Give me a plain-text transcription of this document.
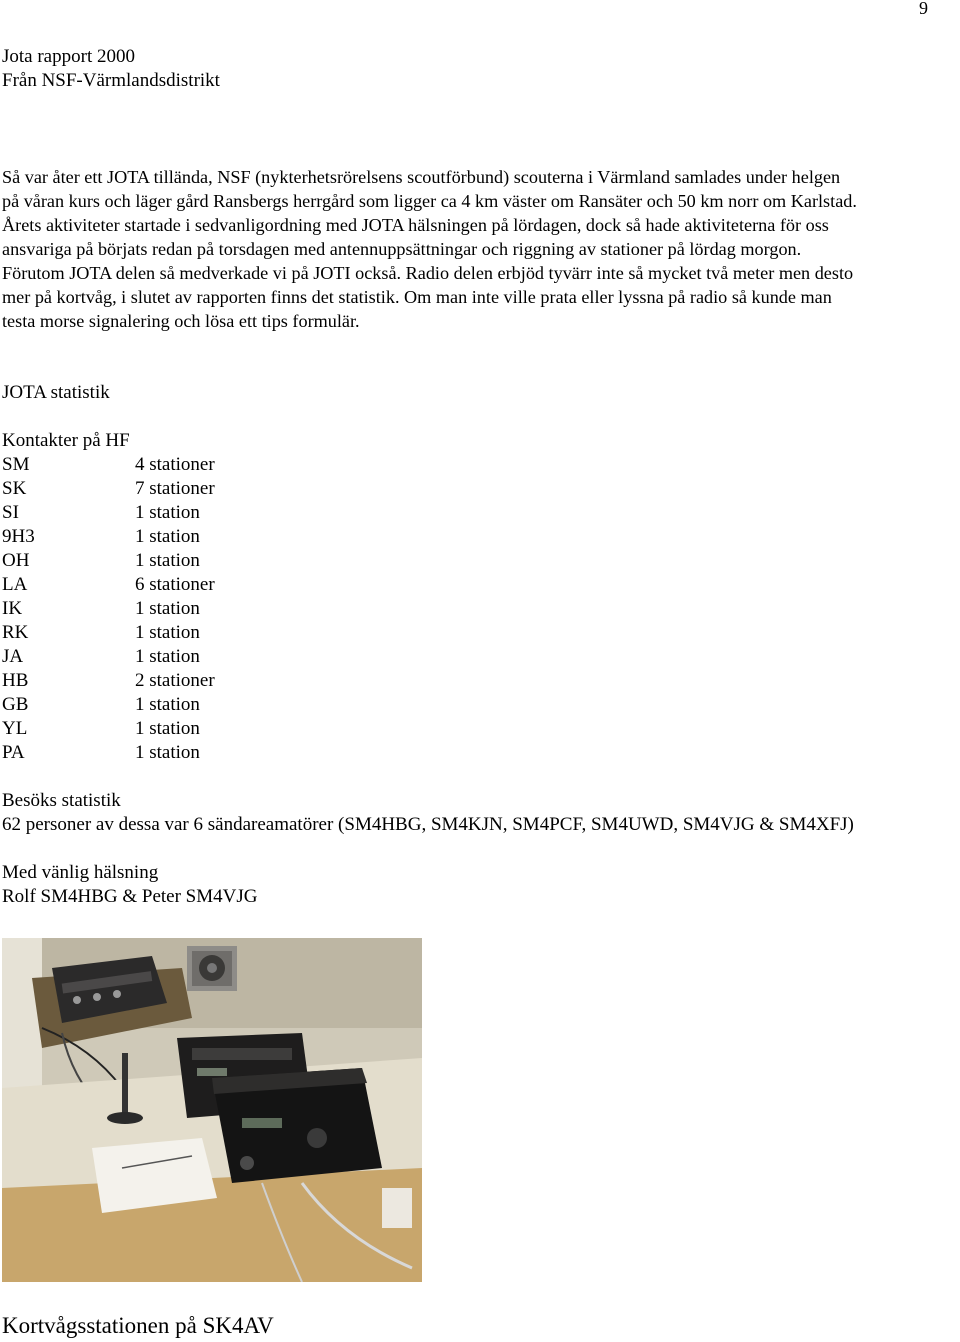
9
Jota rapport 2000
Från NSF-Värmlandsdistrikt
Så var åter ett JOTA tillända, NSF (nykterhetsrörelsens scoutförbund) scouterna i Värmland samlades under helgen
på våran kurs och läger gård Ransbergs herrgård som ligger ca 4 km väster om Ransäter och 50 km norr om Karlstad.
Årets aktiviteter startade i sedvanligordning med JOTA hälsningen på lördagen, dock så hade aktiviteterna för oss
ansvariga på börjats redan på torsdagen med antennuppsättningar och riggning av stationer på lördag morgon.
Förutom JOTA delen så medverkade vi på JOTI också. Radio delen erbjöd tyvärr inte så mycket två meter men desto
mer på kortvåg, i slutet av rapporten finns det statistik. Om man inte ville prata eller lyssna på radio så kunde man
testa morse signalering och lösa ett tips formulär.
JOTA statistik
Kontakter på HF
SM	4 stationer
SK	7 stationer
SI	1 station
9H3	1 station
OH	1 station
LA	6 stationer
IK	1 station
RK	1 station
JA	1 station
HB	2 stationer
GB	1 station
YL	1 station
PA	1 station
Besöks statistik
62 personer av dessa var 6 sändareamatörer (SM4HBG, SM4KJN, SM4PCF, SM4UWD, SM4VJG & SM4XFJ)
Med vänlig hälsning
Rolf SM4HBG & Peter SM4VJG
Kortvågsstationen på SK4AV
